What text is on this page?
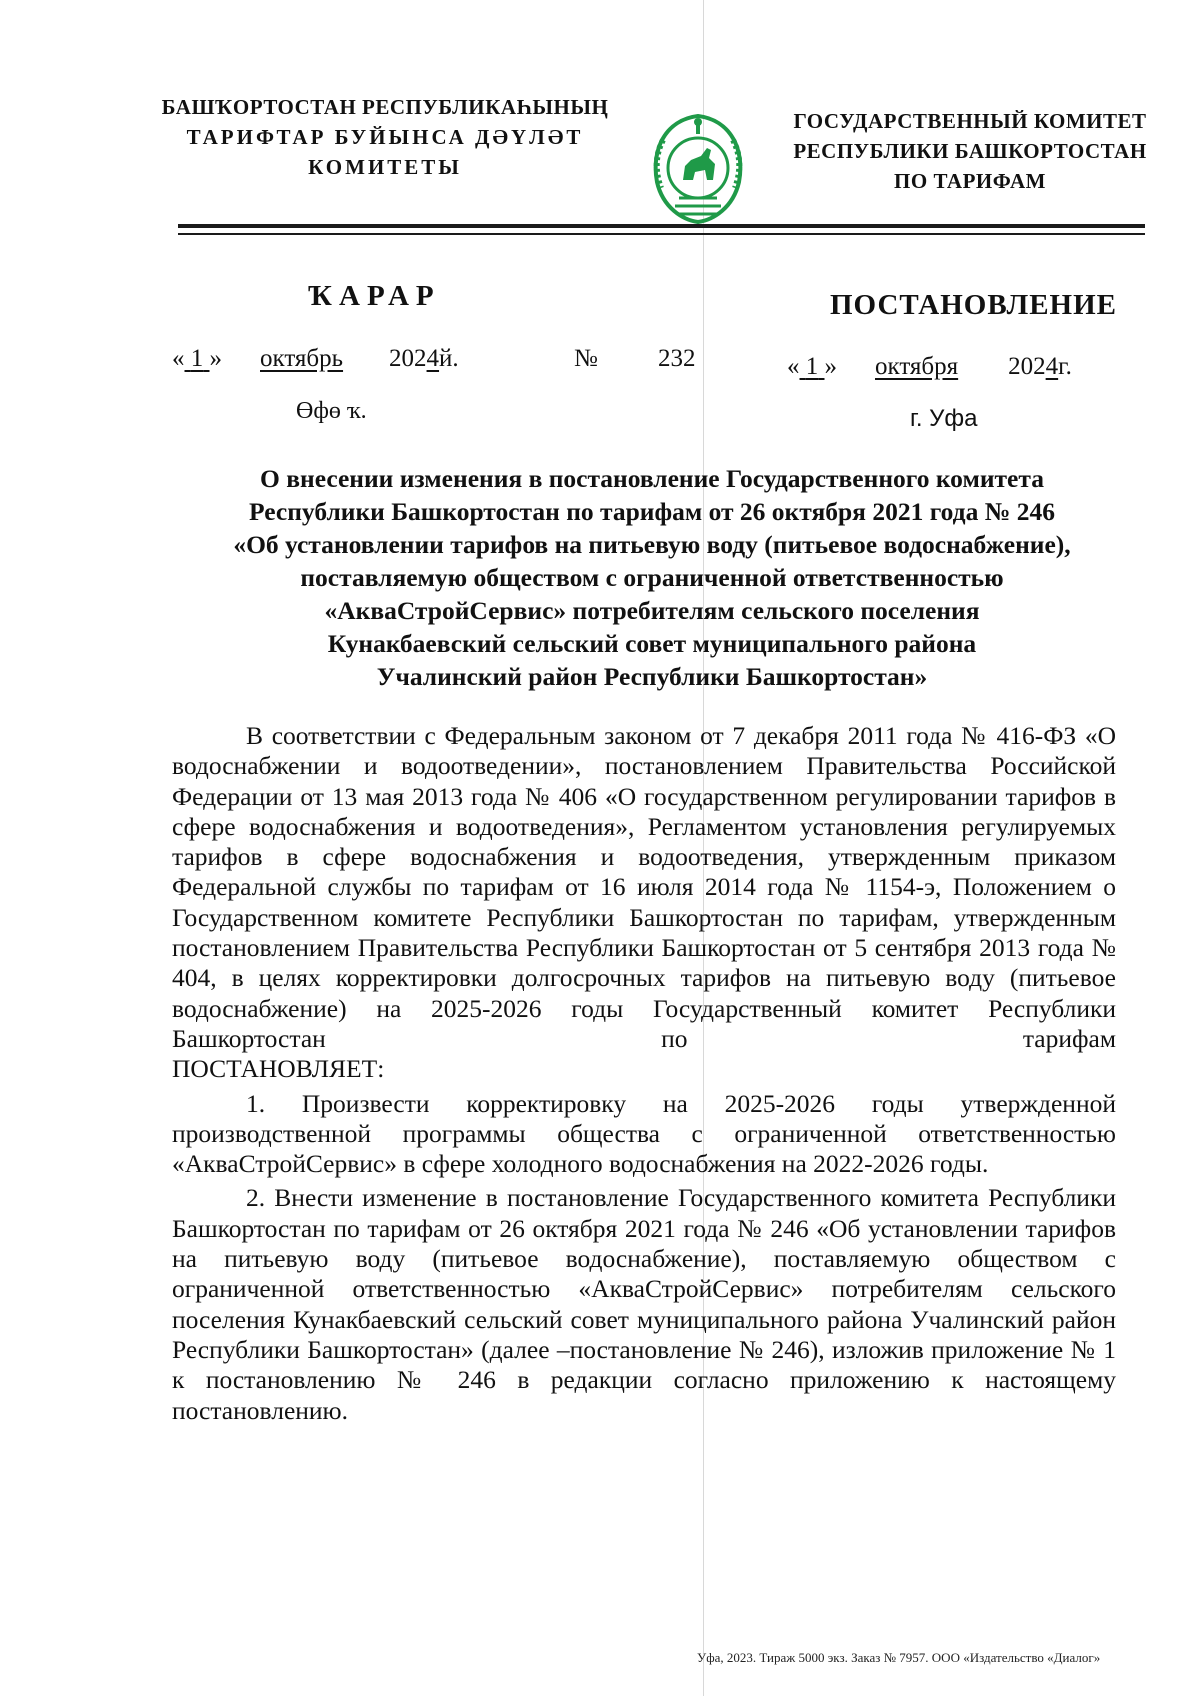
БАШҠОРТОСТАН РЕСПУБЛИКАҺЫНЫҢ
ТАРИФТАР БУЙЫНСА ДӘҮЛӘТ
КОМИТЕТЫ
ГОСУДАРСТВЕННЫЙ КОМИТЕТ
РЕСПУБЛИКИ БАШКОРТОСТАН
ПО ТАРИФАМ
ҠАРАР	ПОСТАНОВЛЕНИЕ
« 1 » октябрь 2024й.	№ 232	« 1 » октября 2024г.
Өфө ҡ.	г. Уфа
О внесении изменения в постановление Государственного комитета
Республики Башкортостан по тарифам от 26 октября 2021 года № 246
«Об установлении тарифов на питьевую воду (питьевое водоснабжение),
поставляемую обществом с ограниченной ответственностью
«АкваСтройСервис» потребителям сельского поселения
Кунакбаевский сельский совет муниципального района
Учалинский район Республики Башкортостан»

В соответствии с Федеральным законом от 7 декабря 2011 года № 416-ФЗ «О водоснабжении и водоотведении», постановлением Правительства Российской Федерации от 13 мая 2013 года № 406 «О государственном регулировании тарифов в сфере водоснабжения и водоотведения», Регламентом установления регулируемых тарифов в сфере водоснабжения и водоотведения, утвержденным приказом Федеральной службы по тарифам от 16 июля 2014 года № 1154-э, Положением о Государственном комитете Республики Башкортостан по тарифам, утвержденным постановлением Правительства Республики Башкортостан от 5 сентября 2013 года № 404, в целях корректировки долгосрочных тарифов на питьевую воду (питьевое водоснабжение) на 2025-2026 годы Государственный комитет Республики Башкортостан по тарифам

ПОСТАНОВЛЯЕТ:

1. Произвести корректировку на 2025-2026 годы утвержденной производственной программы общества с ограниченной ответственностью «АкваСтройСервис» в сфере холодного водоснабжения на 2022-2026 годы.

2. Внести изменение в постановление Государственного комитета Республики Башкортостан по тарифам от 26 октября 2021 года № 246 «Об установлении тарифов на питьевую воду (питьевое водоснабжение), поставляемую обществом с ограниченной ответственностью «АкваСтройСервис» потребителям сельского поселения Кунакбаевский сельский совет муниципального района Учалинский район Республики Башкортостан» (далее –постановление № 246), изложив приложение № 1 к постановлению № 246 в редакции согласно приложению к настоящему постановлению.

Уфа, 2023. Тираж 5000 экз. Заказ № 7957. ООО «Издательство «Диалог»
